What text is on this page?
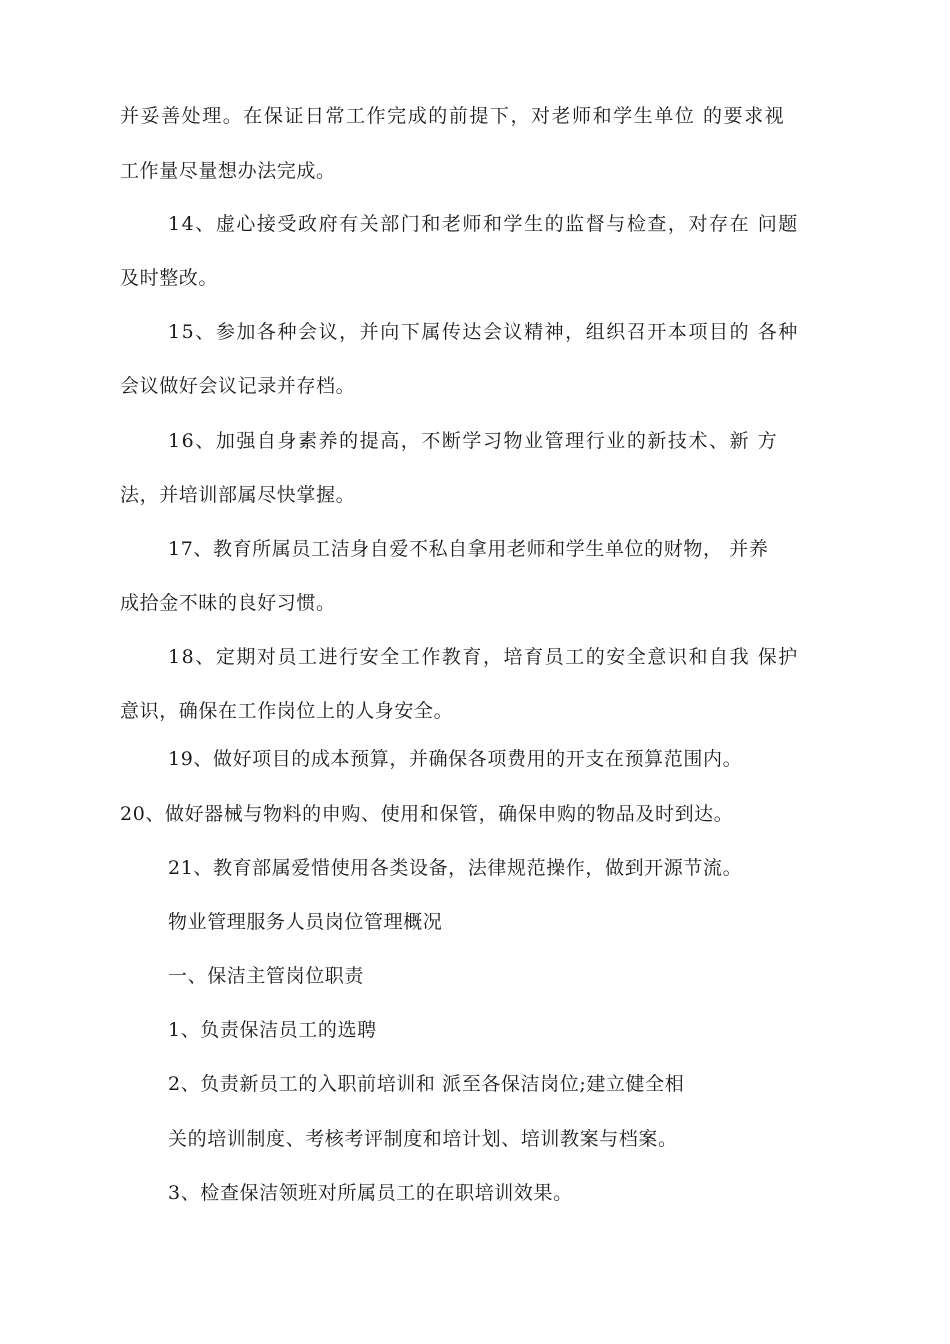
并妥善处理。在保证日常工作完成的前提下，对老师和学生单位 的要求视
工作量尽量想办法完成。
14、虚心接受政府有关部门和老师和学生的监督与检查，对存在 问题
及时整改。
15、参加各种会议，并向下属传达会议精神，组织召开本项目的 各种
会议做好会议记录并存档。
16、加强自身素养的提高，不断学习物业管理行业的新技术、新 方
法，并培训部属尽快掌握。
17、教育所属员工洁身自爱不私自拿用老师和学生单位的财物， 并养
成拾金不昧的良好习惯。
18、定期对员工进行安全工作教育，培育员工的安全意识和自我 保护
意识，确保在工作岗位上的人身安全。
19、做好项目的成本预算，并确保各项费用的开支在预算范围内。
20、做好器械与物料的申购、使用和保管，确保申购的物品及时到达。
21、教育部属爱惜使用各类设备，法律规范操作，做到开源节流。
物业管理服务人员岗位管理概况
一、保洁主管岗位职责
1、负责保洁员工的选聘
2、负责新员工的入职前培训和 派至各保洁岗位;建立健全相
关的培训制度、考核考评制度和培计划、培训教案与档案。
3、检查保洁领班对所属员工的在职培训效果。
